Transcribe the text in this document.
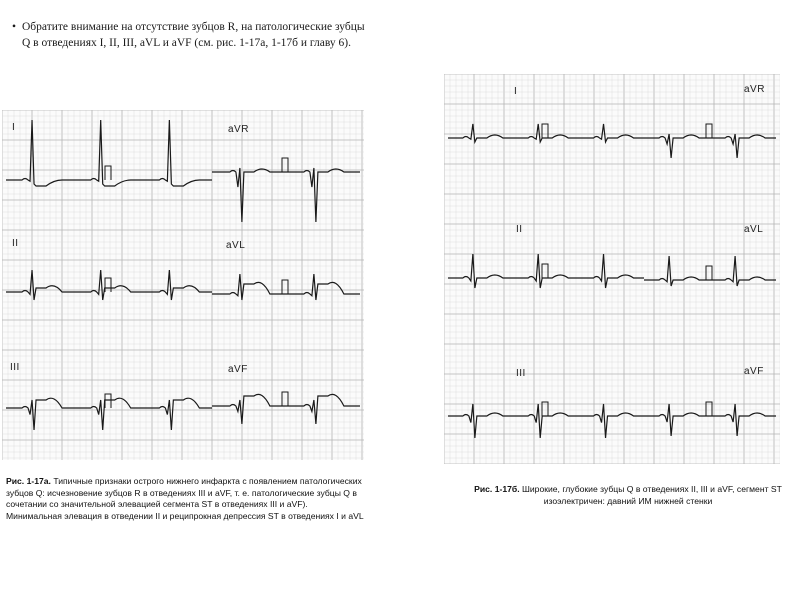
• Обратите внимание на отсутствие зубцов R, на патологические зубцы Q в отведениях I, II, III, aVL и aVF (см. рис. 1-17а, 1-17б и главу 6).
I	aVR
II	aVL
III	aVF
I	aVR
II	aVL
III	aVF
Рис. 1-17а. Типичные признаки острого нижнего инфаркта с появлением патологических зубцов Q: исчезновение зубцов R в отведениях III и aVF, т. е. патологические зубцы Q в сочетании со значительной элевацией сегмента ST в отведениях III и aVF). Минимальная элевация в отведении II и реципрокная депрессия ST в отведениях I и aVL
Рис. 1-17б. Широкие, глубокие зубцы Q в отведениях II, III и aVF, сегмент ST изоэлектричен: давний ИМ нижней стенки
